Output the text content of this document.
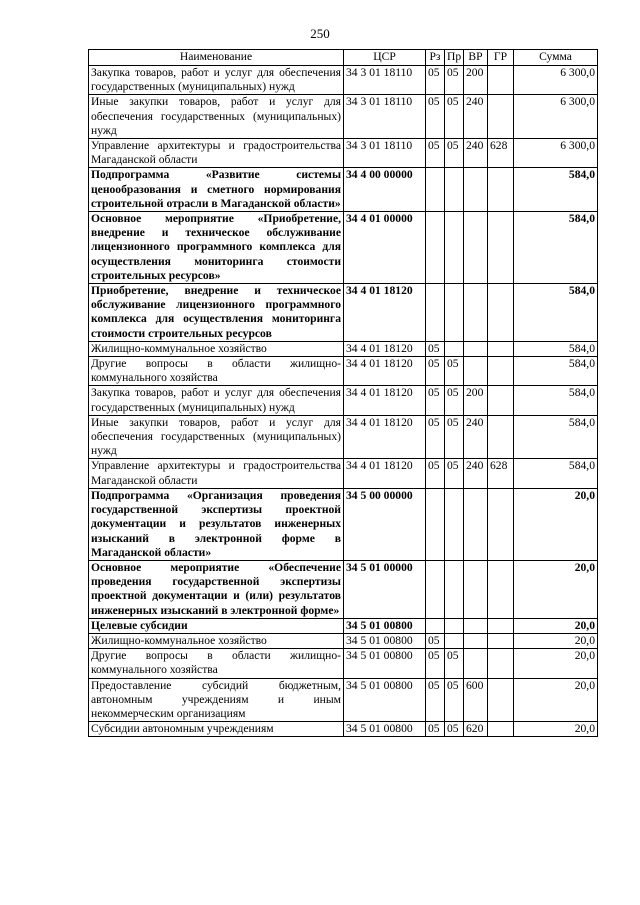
250
Наименование	ЦСР	Рз	Пр	ВР	ГР	Сумма
Закупка товаров, работ и услуг для обеспечения государственных (муниципальных) нужд	34 3 01 18110	05	05	200		6 300,0
Иные закупки товаров, работ и услуг для обеспечения государственных (муниципальных) нужд	34 3 01 18110	05	05	240		6 300,0
Управление архитектуры и градостроительства Магаданской области	34 3 01 18110	05	05	240	628	6 300,0
Подпрограмма «Развитие системы ценообразования и сметного нормирования строительной отрасли в Магаданской области»	34 4 00 00000					584,0
Основное мероприятие «Приобретение, внедрение и техническое обслуживание лицензионного программного комплекса для осуществления мониторинга стоимости строительных ресурсов»	34 4 01 00000					584,0
Приобретение, внедрение и техническое обслуживание лицензионного программного комплекса для осуществления мониторинга стоимости строительных ресурсов	34 4 01 18120					584,0
Жилищно-коммунальное хозяйство	34 4 01 18120	05				584,0
Другие вопросы в области жилищно-коммунального хозяйства	34 4 01 18120	05	05			584,0
Закупка товаров, работ и услуг для обеспечения государственных (муниципальных) нужд	34 4 01 18120	05	05	200		584,0
Иные закупки товаров, работ и услуг для обеспечения государственных (муниципальных) нужд	34 4 01 18120	05	05	240		584,0
Управление архитектуры и градостроительства Магаданской области	34 4 01 18120	05	05	240	628	584,0
Подпрограмма «Организация проведения государственной экспертизы проектной документации и результатов инженерных изысканий в электронной форме в Магаданской области»	34 5 00 00000					20,0
Основное мероприятие «Обеспечение проведения государственной экспертизы проектной документации и (или) результатов инженерных изысканий в электронной форме»	34 5 01 00000					20,0
Целевые субсидии	34 5 01 00800					20,0
Жилищно-коммунальное хозяйство	34 5 01 00800	05				20,0
Другие вопросы в области жилищно-коммунального хозяйства	34 5 01 00800	05	05			20,0
Предоставление субсидий бюджетным, автономным учреждениям и иным некоммерческим организациям	34 5 01 00800	05	05	600		20,0
Субсидии автономным учреждениям	34 5 01 00800	05	05	620		20,0
